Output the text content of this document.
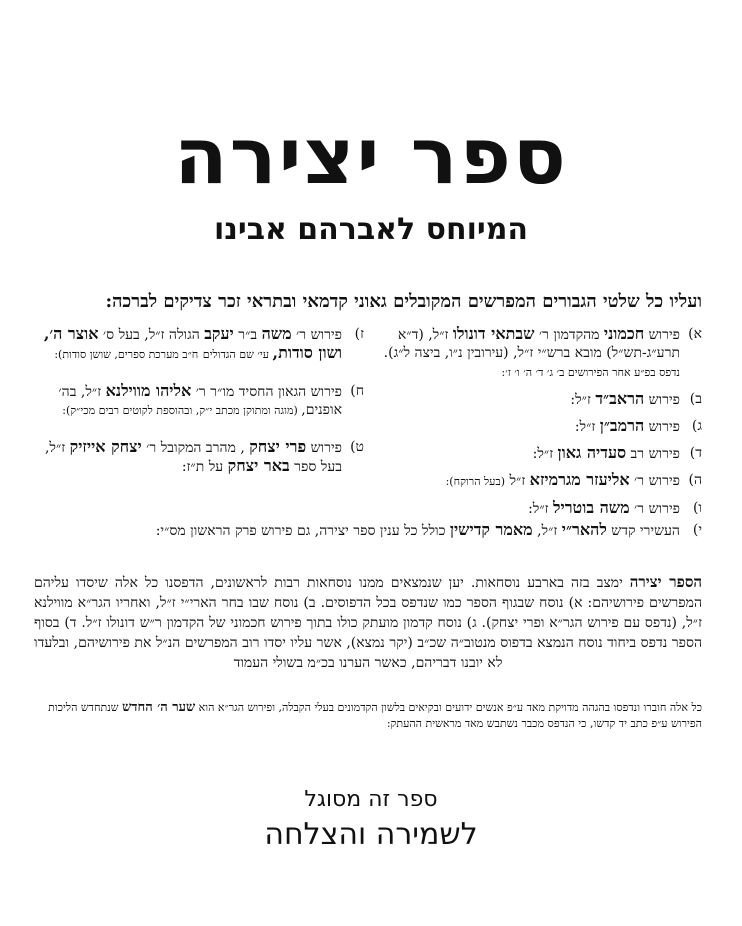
ספר יצירה
המיוחס לאברהם אבינו
ועליו כל שלטי הגבורים המפרשים המקובלים גאוני קדמאי ובתראי זכר צדיקים לברכה:
א)
פירוש חכמוני מהקדמון ר׳ שבתאי דונולו ז״ל, (ד״א תרע״ג-תש״ל) מובא ברש״י ז״ל, (עירובין נ״ו, ביצה ל״ג). נדפס בפ״ע אחר הפירושים ב׳ ג׳ ד׳ ה׳ ו׳ ז׳:
ב)
פירוש הראב״ד ז״ל:
ג)
פירוש הרמב״ן ז״ל:
ד)
פירוש רב סעדיה גאון ז״ל:
ה)
פירוש ר׳ אליעזר מגרמיזא ז״ל (בעל הרוקח):
ו)
פירוש ר׳ משה בוטריל ז״ל:
ז)
פירוש ר׳ משה ב״ר יעקב הגולה ז״ל, בעל ס׳ אוצר ה׳, ושון סודות, עי׳ שם הגדולים ח״ב מערכת ספרים, שושן סודות):
ח)
פירוש הגאון החסיד מו״ר ר׳ אליהו מווילנא ז״ל, בה׳ אופנים, (מוגה ומתוקן מכתב י״ק, ובהוספת לקוטים רבים מכי״ק):
ט)
פירוש פרי יצחק , מהרב המקובל ר׳ יצחק אייזיק ז״ל, בעל ספר באר יצחק על ת״ז:
י)
העשירי קדש להאר״י ז״ל, מאמר קדישין כולל כל ענין ספר יצירה, גם פירוש פרק הראשון מס״י:
הספר יצירה ימצב בזה בארבע נוסחאות. יען שנמצאים ממנו נוסחאות רבות לראשונים, הדפסנו כל אלה שיסדו עליהם המפרשים פירושיהם: א) נוסח שבגוף הספר כמו שנדפס בכל הדפוסים. ב) נוסח שבו בחר הארי״י ז״ל, ואחריו הגר״א מווילנא ז״ל, (נדפס עם פירוש הגר״א ופרי יצחק). ג) נוסח קדמון מועתק כולו בתוך פירוש חכמוני של הקדמון ר״ש דונולו ז״ל. ד) בסוף הספר נדפס ביחוד נוסח הנמצא בדפוס מנטוב״ה שכ״ב (יקר נמצא), אשר עליו יסדו רוב המפרשים הנ״ל את פירושיהם, ובלעדו לא יובנו דבריהם, כאשר הערנו בכ״מ בשולי העמוד
כל אלה חוברו ונדפסו בהגהה מדויקת מאד ע״פ אנשים ידועים ובקיאים בלשון הקדמונים בעלי הקבלה, ופירוש הגר״א הוא שער ה׳ החדש שנתחדש הליכות הפירוש ע״פ כתב יד קדשו, כי הנדפס מכבר נשתבש מאד מראשית ההעתק:
ספר זה מסוגל
לשמירה והצלחה
